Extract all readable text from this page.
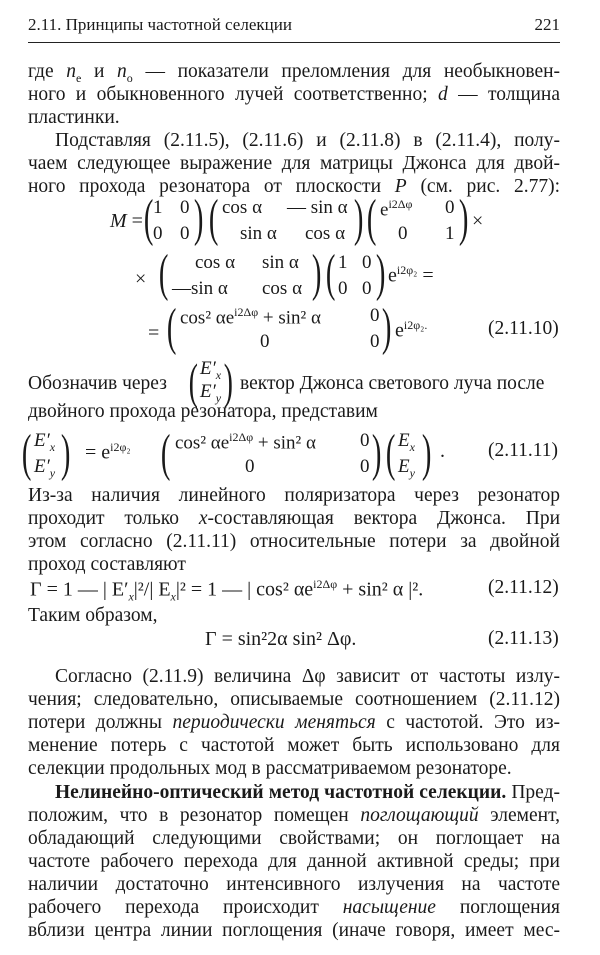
2.11. Принципы частотной селекции	221
где $n_e$ и $n_o$ — показатели преломления для необыкновен-
ного и обыкновенного лучей соответственно; d — толщина
пластинки.
Подставляя (2.11.5), (2.11.6) и (2.11.8) в (2.11.4), полу-
чаем следующее выражение для матрицы Джонса для двой-
ного прохода резонатора от плоскости P (см. рис. 2.77):
M = ( 1 0
0 0 ) ( cos α — sin α
sin α cos α ) ( $e^{i2\Delta\varphi}$ 0
0 1 ) ×
× ( cos α sin α
—sin α cos α ) ( 1 0
0 0 ) $e^{i2\varphi_2}$ =
= ( cos² $\alpha e^{i2\Delta\varphi} + \sin^2$ α	0
0	0 ) $e^{i2\varphi_2.}$	(2.11.10)
Обозначив через ( $E'_x$
$E'_y$ ) вектор Джонса светового луча после
двойного прохода резонатора, представим
( $E'_x$
$E'_y$ ) = $e^{i2\varphi_2}$ ( cos² $\alpha e^{i2\Delta\varphi} + \sin^2$ α 0
0	0 ) ( $E_x$
$E_y$ ) . (2.11.11)
Из-за наличия линейного поляризатора через резонатор
проходит только x-составляющая вектора Джонса. При
этом согласно (2.11.11) относительные потери за двойной
проход составляют
Γ = 1 — | $E'_x|^2/|$ $E_x|^2 = 1$ — | cos² $\alpha e^{i2\Delta\varphi} + \sin^2$ α |².	(2.11.12)
Таким образом,
Γ = sin²2α sin² Δφ.	(2.11.13)
Согласно (2.11.9) величина Δφ зависит от частоты излу-
чения; следовательно, описываемые соотношением (2.11.12)
потери должны периодически меняться с частотой. Это из-
менение потерь с частотой может быть использовано для
селекции продольных мод в рассматриваемом резонаторе.
Нелинейно-оптический метод частотной селекции. Пред-
положим, что в резонатор помещен поглощающий элемент,
обладающий следующими свойствами; он поглощает на
частоте рабочего перехода для данной активной среды; при
наличии достаточно интенсивного излучения на частоте
рабочего перехода происходит насыщение поглощения
вблизи центра линии поглощения (иначе говоря, имеет мес-
